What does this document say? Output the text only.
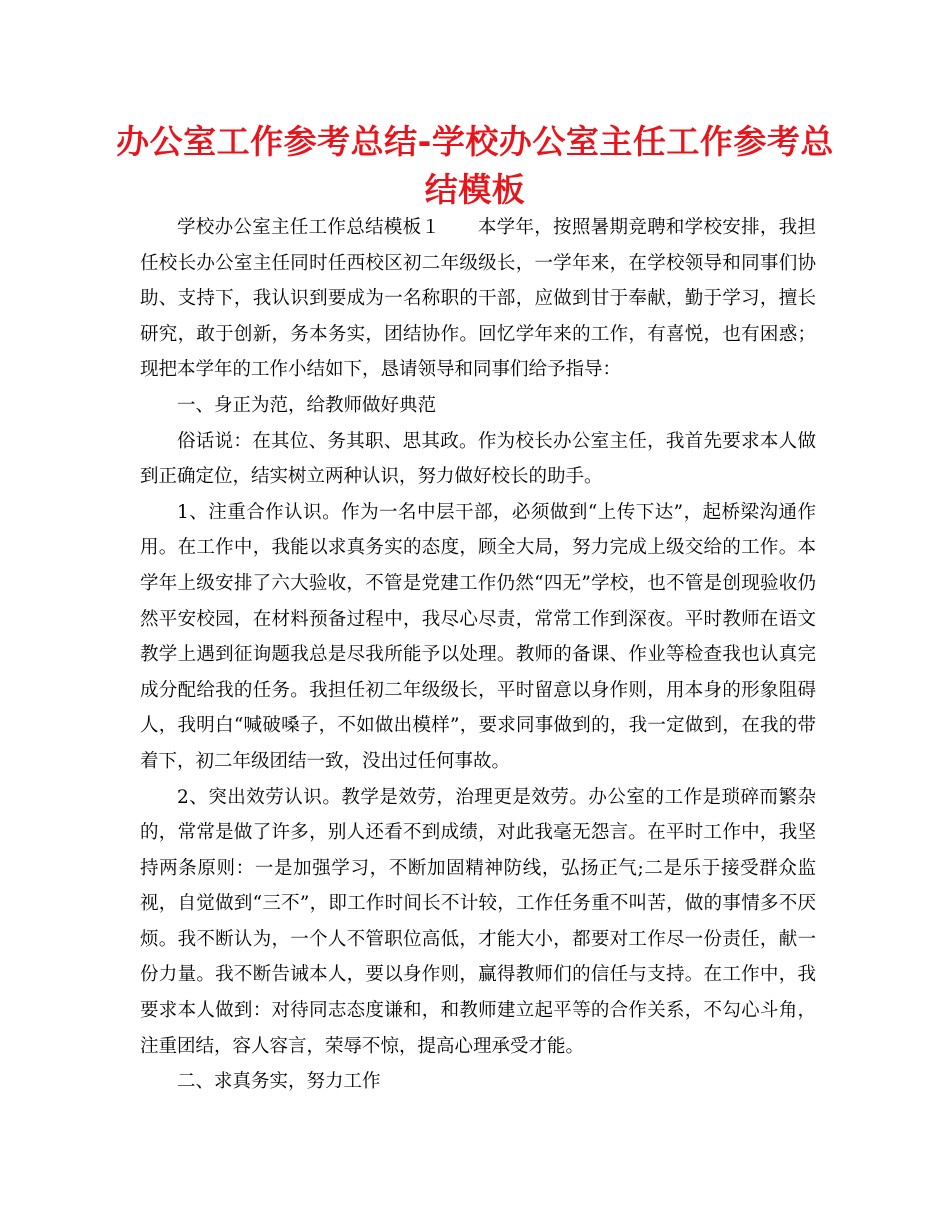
办公室工作参考总结-学校办公室主任工作参考总结模板

学校办公室主任工作总结模板１　　本学年，按照暑期竞聘和学校安排，我担任校长办公室主任同时任西校区初二年级级长，一学年来，在学校领导和同事们协助、支持下，我认识到要成为一名称职的干部，应做到甘于奉献，勤于学习，擅长研究，敢于创新，务本务实，团结协作。回忆学年来的工作，有喜悦，也有困惑；现把本学年的工作小结如下，恳请领导和同事们给予指导：

一、身正为范，给教师做好典范

俗话说：在其位、务其职、思其政。作为校长办公室主任，我首先要求本人做到正确定位，结实树立两种认识，努力做好校长的助手。

1、注重合作认识。作为一名中层干部，必须做到“上传下达”，起桥梁沟通作用。在工作中，我能以求真务实的态度，顾全大局，努力完成上级交给的工作。本学年上级安排了六大验收，不管是党建工作仍然“四无”学校，也不管是创现验收仍然平安校园，在材料预备过程中，我尽心尽责，常常工作到深夜。平时教师在语文教学上遇到征询题我总是尽我所能予以处理。教师的备课、作业等检查我也认真完成分配给我的任务。我担任初二年级级长，平时留意以身作则，用本身的形象阻碍人，我明白“喊破嗓子，不如做出模样”，要求同事做到的，我一定做到，在我的带着下，初二年级团结一致，没出过任何事故。

2、突出效劳认识。教学是效劳，治理更是效劳。办公室的工作是琐碎而繁杂的，常常是做了许多，别人还看不到成绩，对此我毫无怨言。在平时工作中，我坚持两条原则：一是加强学习，不断加固精神防线，弘扬正气;二是乐于接受群众监视，自觉做到“三不”，即工作时间长不计较，工作任务重不叫苦，做的事情多不厌烦。我不断认为，一个人不管职位高低，才能大小，都要对工作尽一份责任，献一份力量。我不断告诫本人，要以身作则，赢得教师们的信任与支持。在工作中，我要求本人做到：对待同志态度谦和，和教师建立起平等的合作关系，不勾心斗角，注重团结，容人容言，荣辱不惊，提高心理承受才能。

二、求真务实，努力工作
